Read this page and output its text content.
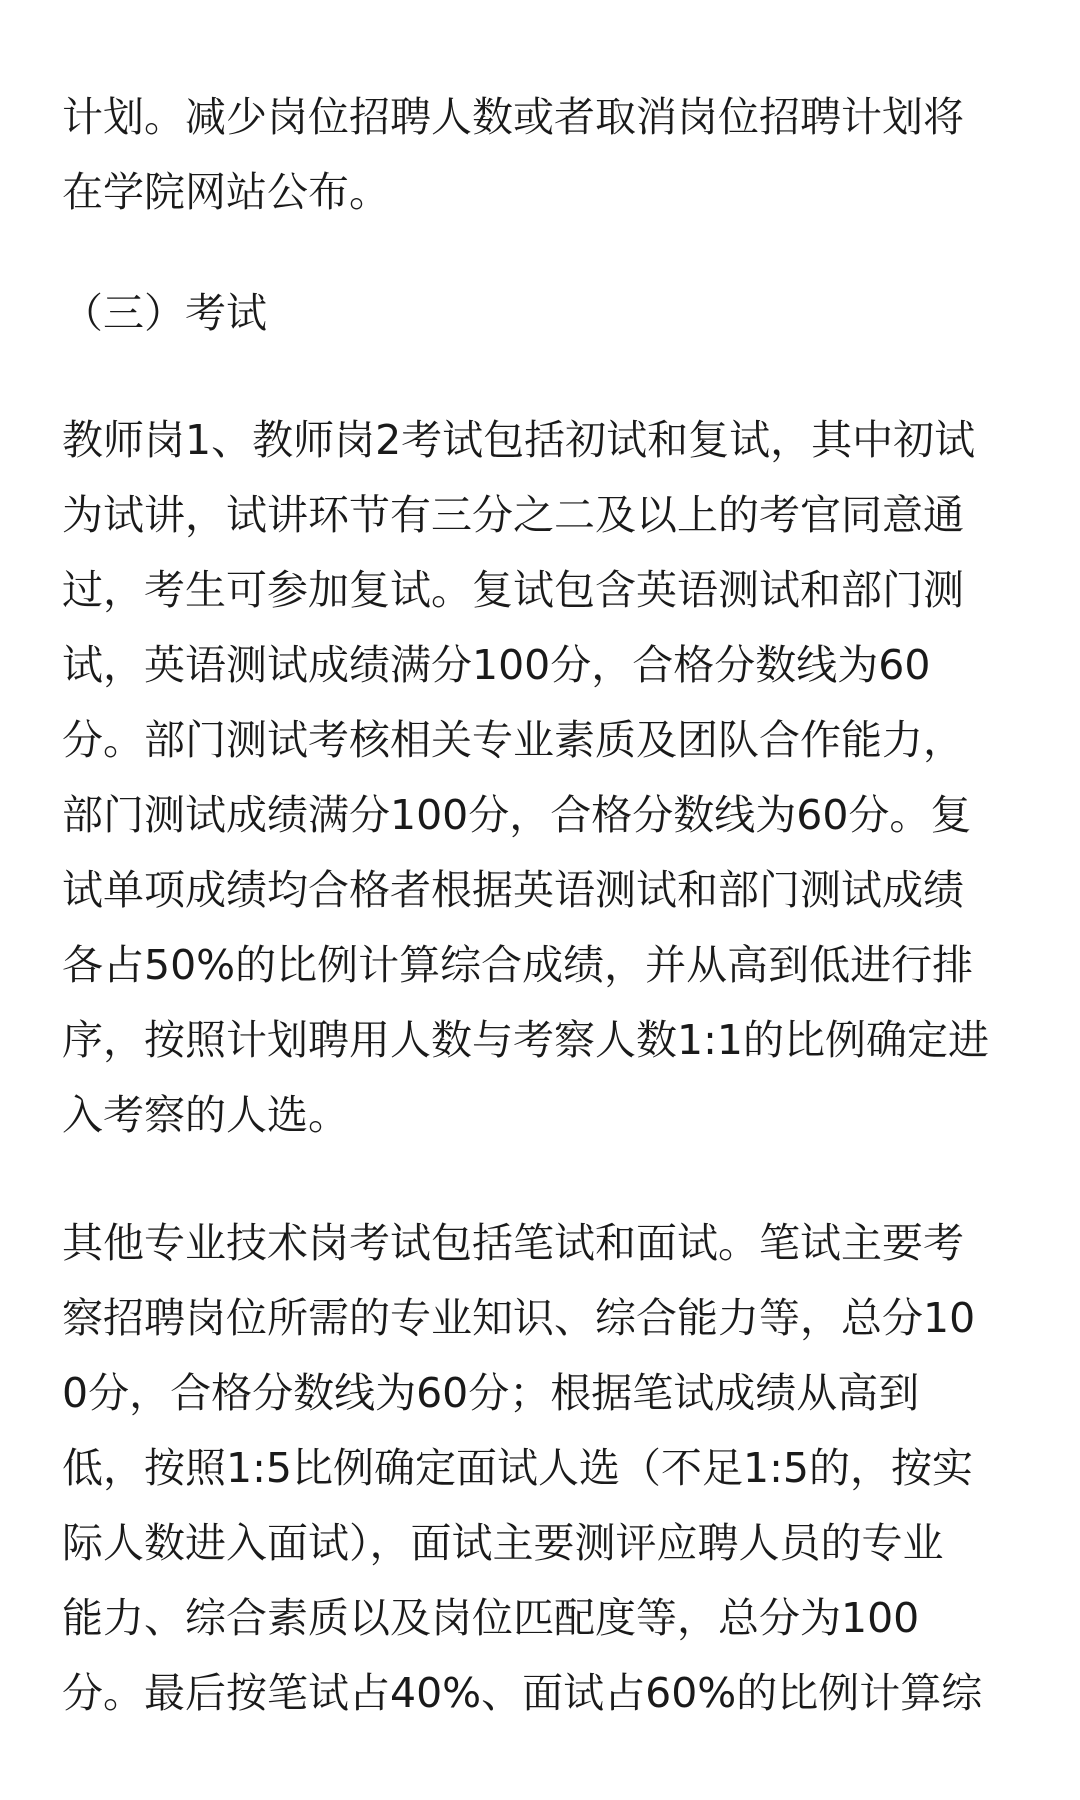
计划。减少岗位招聘人数或者取消岗位招聘计划将
在学院网站公布。
（三）考试
教师岗1、教师岗2考试包括初试和复试，其中初试
为试讲，试讲环节有三分之二及以上的考官同意通
过，考生可参加复试。复试包含英语测试和部门测
试，英语测试成绩满分100分，合格分数线为60
分。部门测试考核相关专业素质及团队合作能力，
部门测试成绩满分100分，合格分数线为60分。复
试单项成绩均合格者根据英语测试和部门测试成绩
各占50%的比例计算综合成绩，并从高到低进行排
序，按照计划聘用人数与考察人数1:1的比例确定进
入考察的人选。
其他专业技术岗考试包括笔试和面试。笔试主要考
察招聘岗位所需的专业知识、综合能力等，总分10
0分，合格分数线为60分；根据笔试成绩从高到
低，按照1:5比例确定面试人选（不足1:5的，按实
际人数进入面试），面试主要测评应聘人员的专业
能力、综合素质以及岗位匹配度等，总分为100
分。最后按笔试占40%、面试占60%的比例计算综
